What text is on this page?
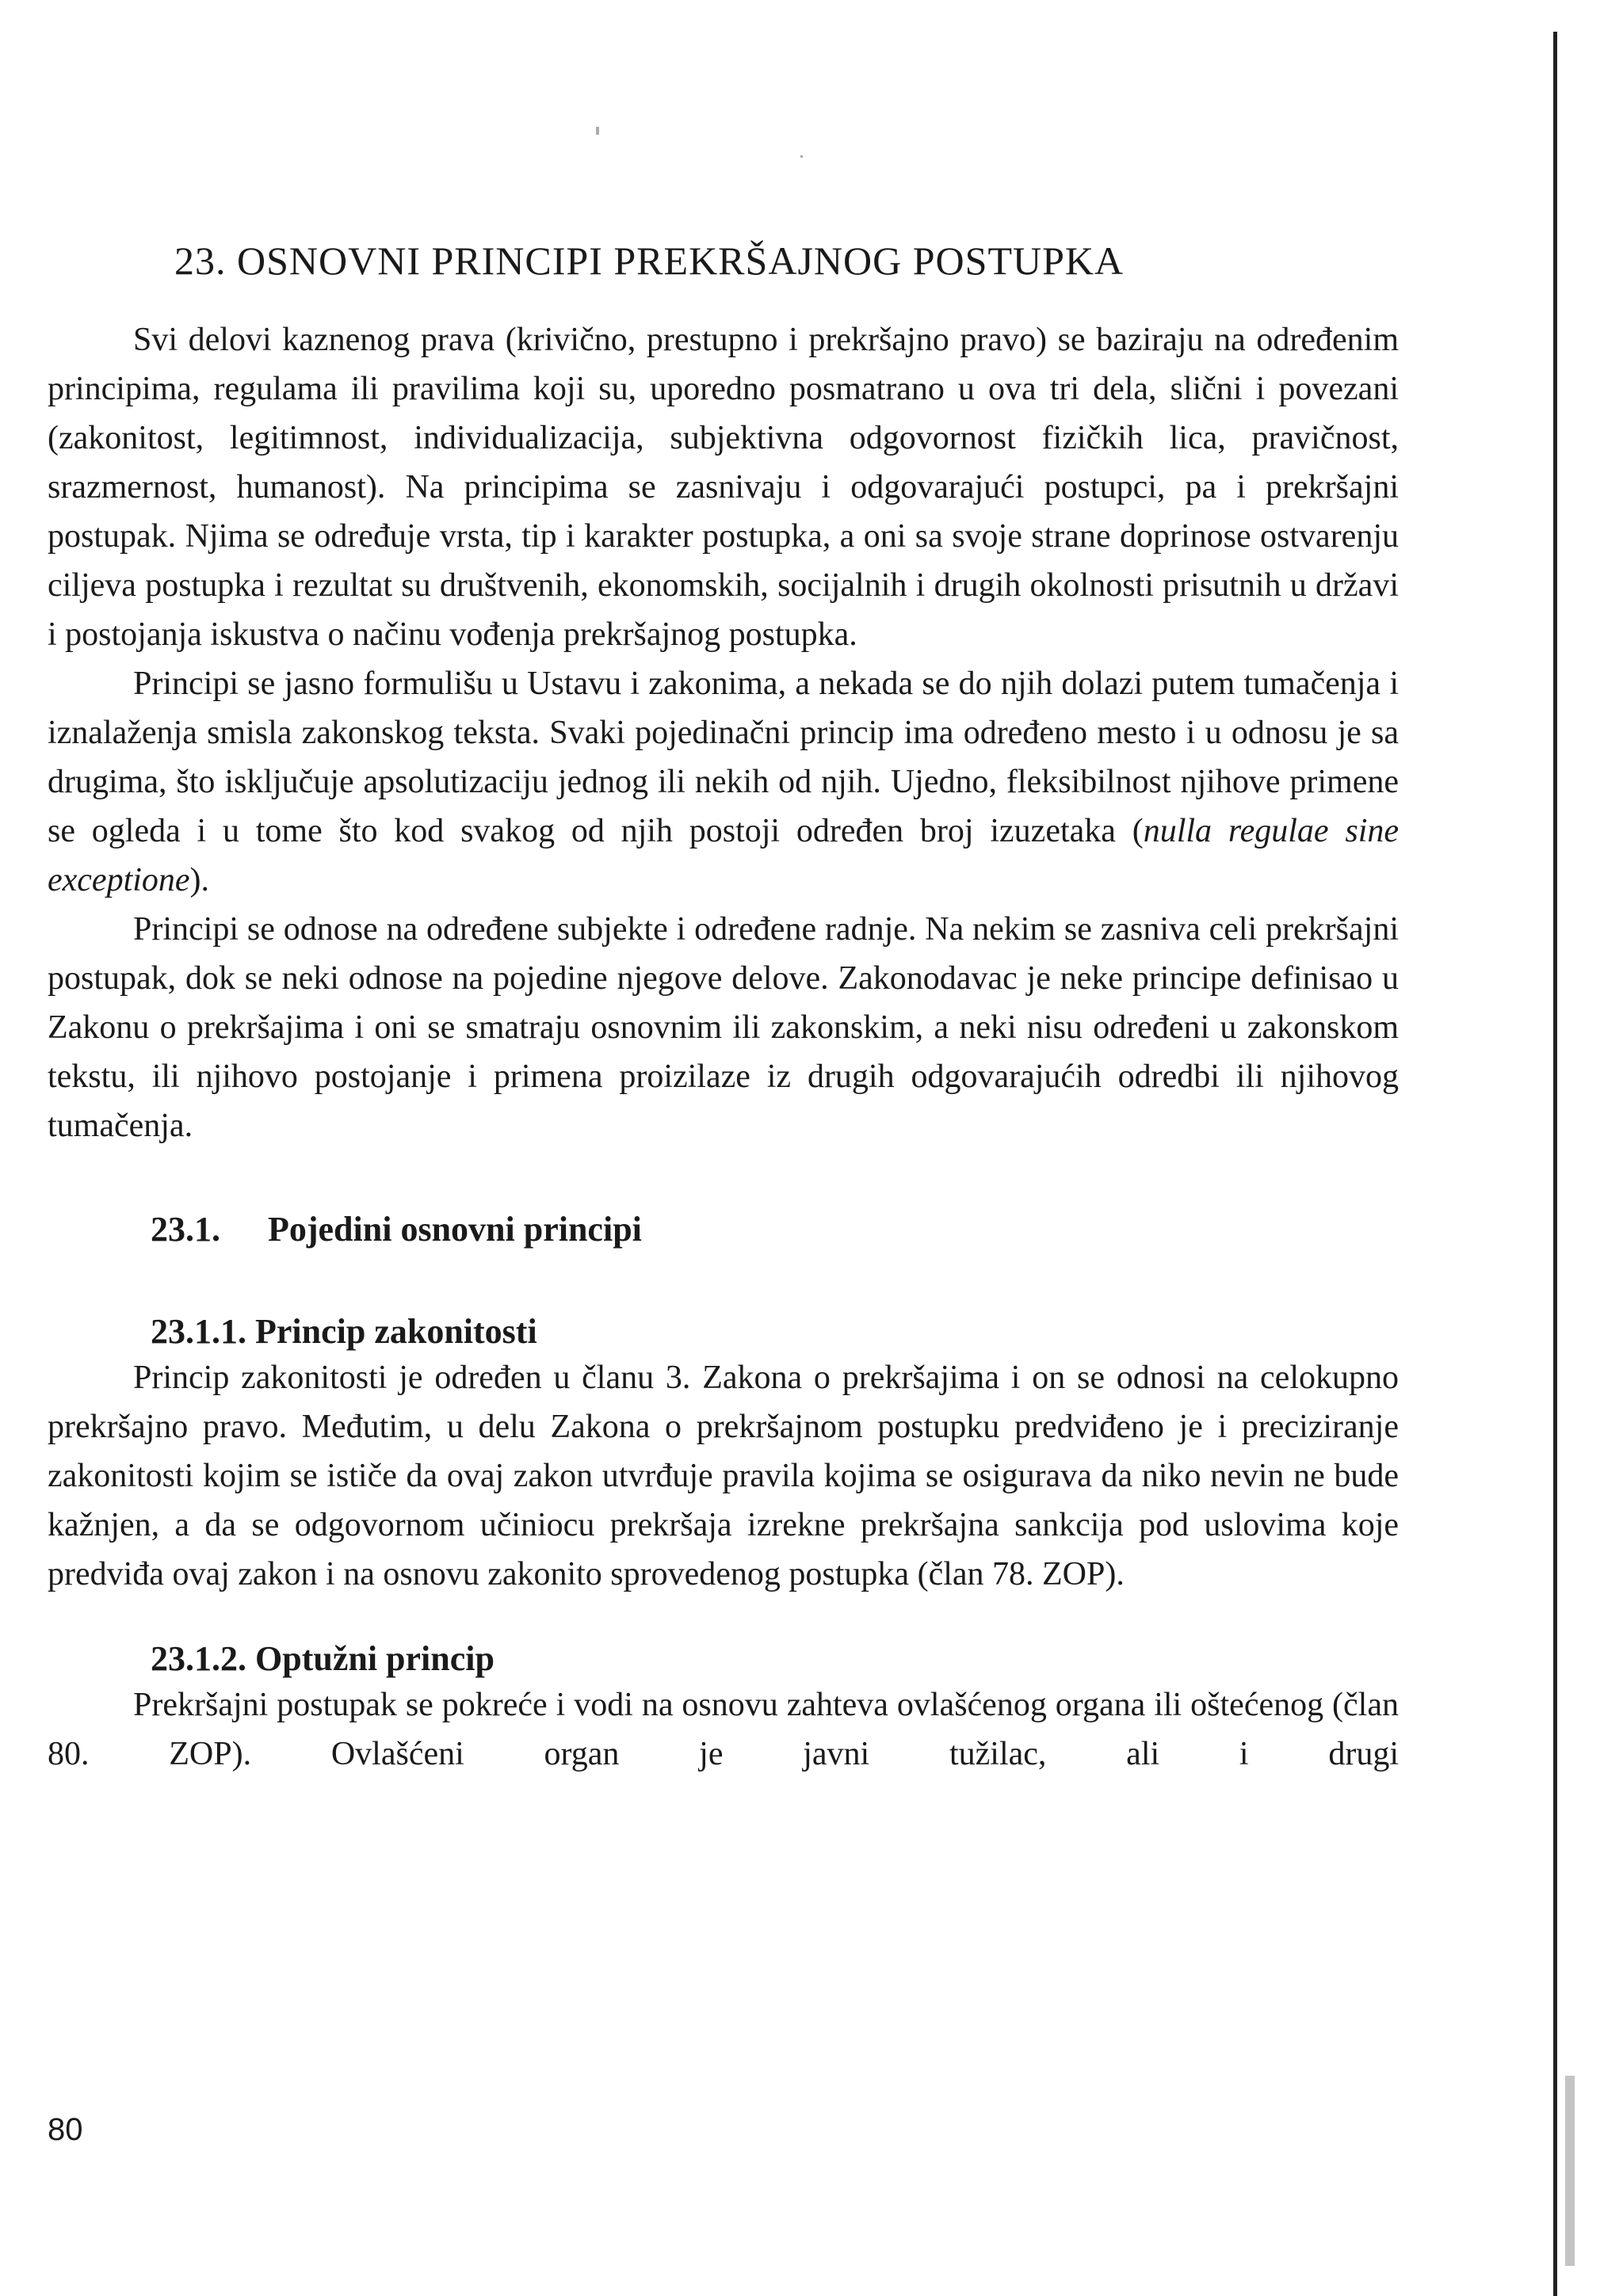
23. OSNOVNI PRINCIPI PREKRŠAJNOG POSTUPKA

Svi delovi kaznenog prava (krivično, prestupno i prekršajno pravo) se baziraju na određenim principima, regulama ili pravilima koji su, uporedno posmatrano u ova tri dela, slični i povezani (zakonitost, legitimnost, individualizacija, subjektivna odgovornost fizičkih lica, pravičnost, srazmernost, humanost). Na principima se zasnivaju i odgovarajući postupci, pa i prekršajni postupak. Njima se određuje vrsta, tip i karakter postupka, a oni sa svoje strane doprinose ostvarenju ciljeva postupka i rezultat su društvenih, ekonomskih, socijalnih i drugih okolnosti prisutnih u državi i postojanja iskustva o načinu vođenja prekršajnog postupka.

Principi se jasno formulišu u Ustavu i zakonima, a nekada se do njih dolazi putem tumačenja i iznalaženja smisla zakonskog teksta. Svaki pojedinačni princip ima određeno mesto i u odnosu je sa drugima, što isključuje apsolutizaciju jednog ili nekih od njih. Ujedno, fleksibilnost njihove primene se ogleda i u tome što kod svakog od njih postoji određen broj izuzetaka (nulla regulae sine exceptione).

Principi se odnose na određene subjekte i određene radnje. Na nekim se zasniva celi prekršajni postupak, dok se neki odnose na pojedine njegove delove. Zakonodavac je neke principe definisao u Zakonu o prekršajima i oni se smatraju osnovnim ili zakonskim, a neki nisu određeni u zakonskom tekstu, ili njihovo postojanje i primena proizilaze iz drugih odgovarajućih odredbi ili njihovog tumačenja.

23.1. Pojedini osnovni principi
23.1.1. Princip zakonitosti

Princip zakonitosti je određen u članu 3. Zakona o prekršajima i on se odnosi na celokupno prekršajno pravo. Međutim, u delu Zakona o prekršajnom postupku predviđeno je i preciziranje zakonitosti kojim se ističe da ovaj zakon utvrđuje pravila kojima se osigurava da niko nevin ne bude kažnjen, a da se odgovornom učiniocu prekršaja izrekne prekršajna sankcija pod uslovima koje predviđa ovaj zakon i na osnovu zakonito sprovedenog postupka (član 78. ZOP).

23.1.2. Optužni princip

Prekršajni postupak se pokreće i vodi na osnovu zahteva ovlašćenog organa ili oštećenog (član 80. ZOP). Ovlašćeni organ je javni tužilac, ali i drugi

80
